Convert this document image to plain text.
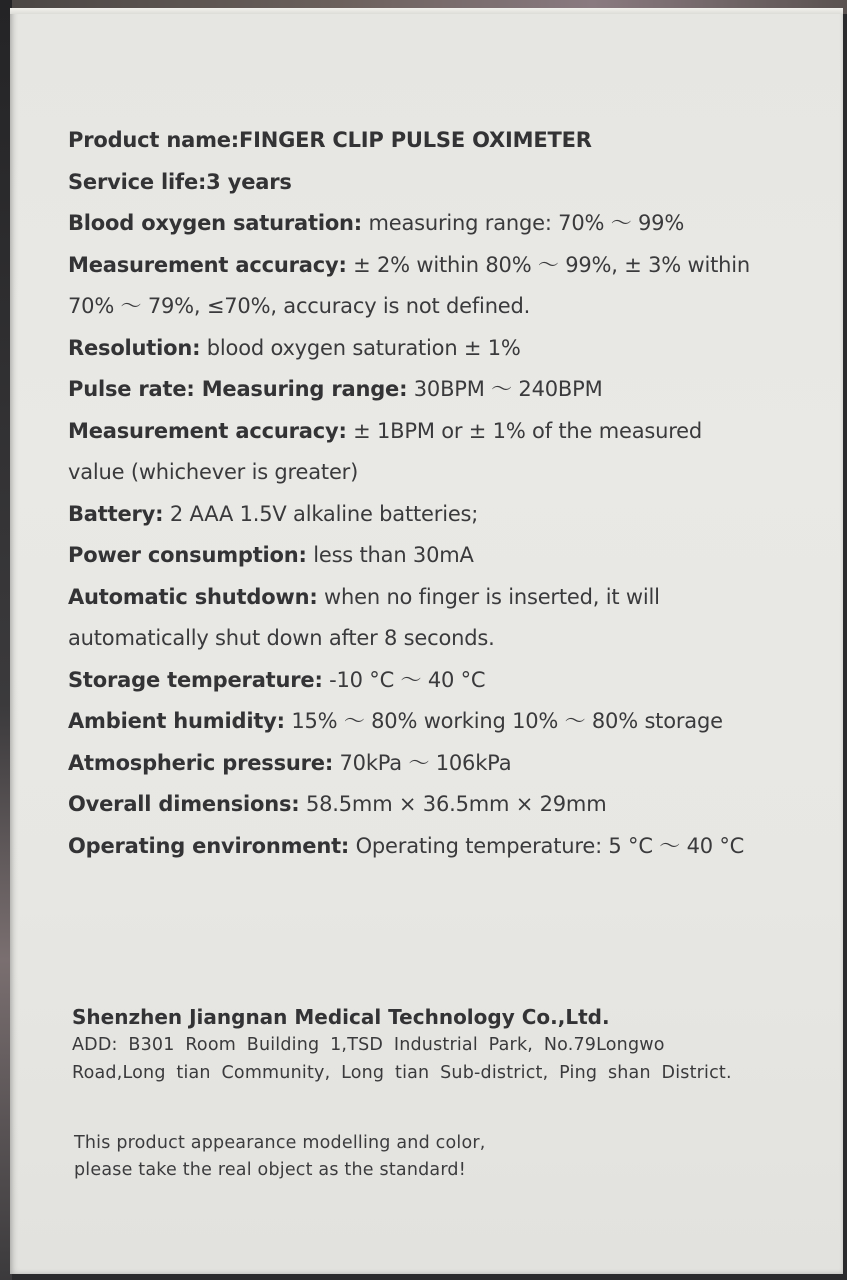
Product name:FINGER CLIP PULSE OXIMETER
Service life:3 years
Blood oxygen saturation: measuring range: 70% ～ 99%
Measurement accuracy: ± 2% within 80% ～ 99%, ± 3% within
70% ～ 79%, ≤70%, accuracy is not defined.
Resolution: blood oxygen saturation ± 1%
Pulse rate: Measuring range: 30BPM ～ 240BPM
Measurement accuracy: ± 1BPM or ± 1% of the measured
value (whichever is greater)
Battery: 2 AAA 1.5V alkaline batteries;
Power consumption: less than 30mA
Automatic shutdown: when no finger is inserted, it will
automatically shut down after 8 seconds.
Storage temperature: -10 °C ～ 40 °C
Ambient humidity: 15% ～ 80% working 10% ～ 80% storage
Atmospheric pressure: 70kPa ～ 106kPa
Overall dimensions: 58.5mm × 36.5mm × 29mm
Operating environment: Operating temperature: 5 °C ～ 40 °C
Shenzhen Jiangnan Medical Technology Co.,Ltd.
ADD: B301 Room Building 1,TSD Industrial Park, No.79Longwo
Road,Long tian Community, Long tian Sub-district, Ping shan District.
This product appearance modelling and color,
please take the real object as the standard!
